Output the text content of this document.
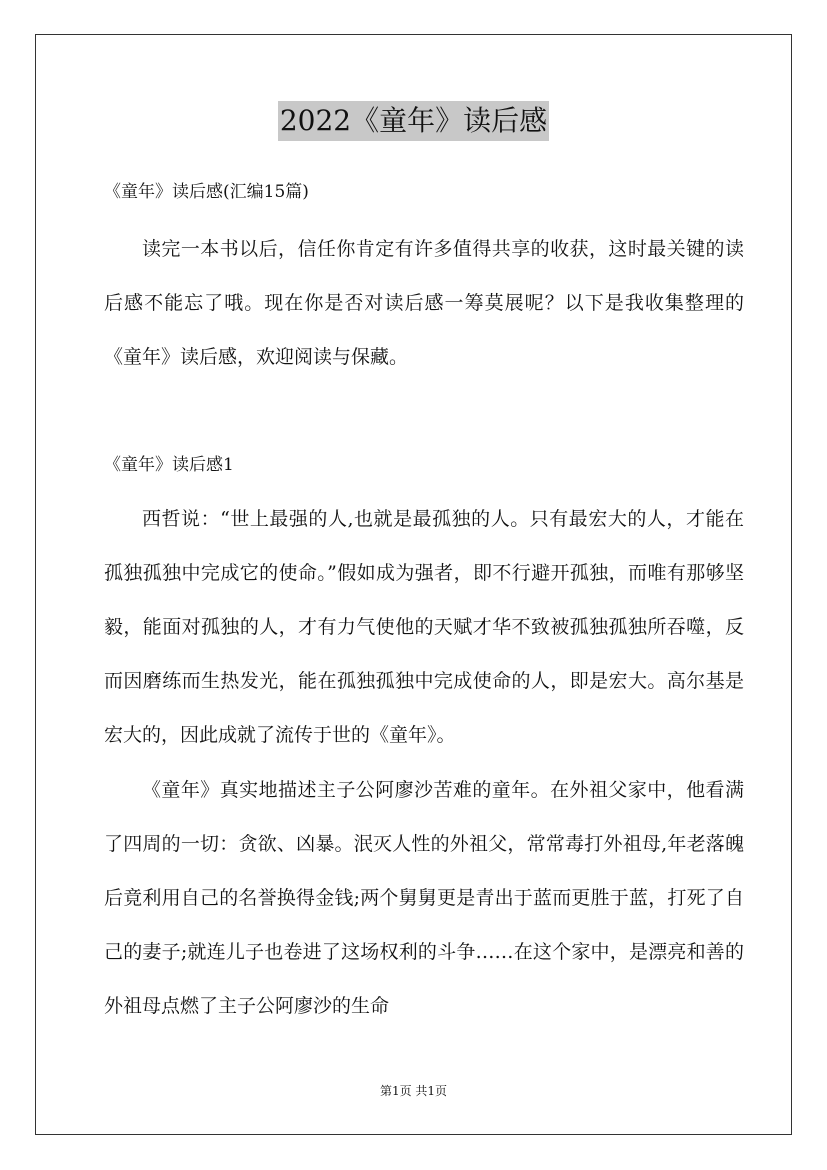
2022《童年》读后感
《童年》读后感(汇编15篇)

读完一本书以后，信任你肯定有许多值得共享的收获，这时最关键的读后感不能忘了哦。现在你是否对读后感一筹莫展呢？以下是我收集整理的《童年》读后感，欢迎阅读与保藏。

《童年》读后感1

西哲说：“世上最强的人,也就是最孤独的人。只有最宏大的人，才能在孤独孤独中完成它的使命。”假如成为强者，即不行避开孤独，而唯有那够坚毅，能面对孤独的人，才有力气使他的天赋才华不致被孤独孤独所吞噬，反而因磨练而生热发光，能在孤独孤独中完成使命的人，即是宏大。高尔基是宏大的，因此成就了流传于世的《童年》。

《童年》真实地描述主子公阿廖沙苦难的童年。在外祖父家中，他看满了四周的一切：贪欲、凶暴。泯灭人性的外祖父，常常毒打外祖母,年老落魄后竟利用自己的名誉换得金钱;两个舅舅更是青出于蓝而更胜于蓝，打死了自己的妻子;就连儿子也卷进了这场权利的斗争……在这个家中，是漂亮和善的外祖母点燃了主子公阿廖沙的生命

第1页 共1页
